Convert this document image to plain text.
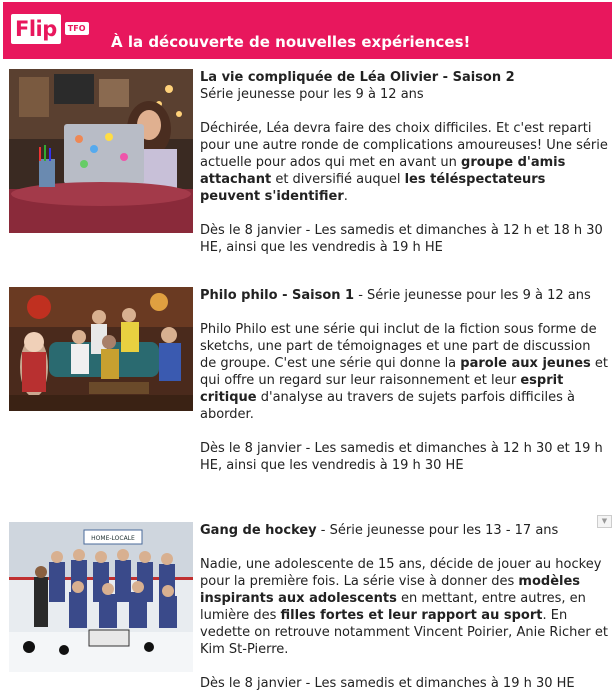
Flip	TFO
À la découverte de nouvelles expériences!

La vie compliquée de Léa Olivier - Saison 2

Série jeunesse pour les 9 à 12 ans

Déchirée, Léa devra faire des choix difficiles. Et c'est reparti pour une autre ronde de complications amoureuses! Une série actuelle pour ados qui met en avant un groupe d'amis attachant et diversifié auquel les téléspectateurs peuvent s'identifier.

Dès le 8 janvier - Les samedis et dimanches à 12 h et 18 h 30 HE, ainsi que les vendredis à 19 h HE

Philo philo - Saison 1 - Série jeunesse pour les 9 à 12 ans

Philo Philo est une série qui inclut de la fiction sous forme de sketchs, une part de témoignages et une part de discussion de groupe. C'est une série qui donne la parole aux jeunes et qui offre un regard sur leur raisonnement et leur esprit critique d'analyse au travers de sujets parfois difficiles à aborder.

Dès le 8 janvier - Les samedis et dimanches à 12 h 30 et 19 h HE, ainsi que les vendredis à 19 h 30 HE

HOME-LOCALE

Gang de hockey - Série jeunesse pour les 13 - 17 ans

Nadie, une adolescente de 15 ans, décide de jouer au hockey pour la première fois. La série vise à donner des modèles inspirants aux adolescents en mettant, entre autres, en lumière des filles fortes et leur rapport au sport. En vedette on retrouve notamment Vincent Poirier, Anie Richer et Kim St-Pierre.

Dès le 8 janvier - Les samedis et dimanches à 19 h 30 HE

▼
